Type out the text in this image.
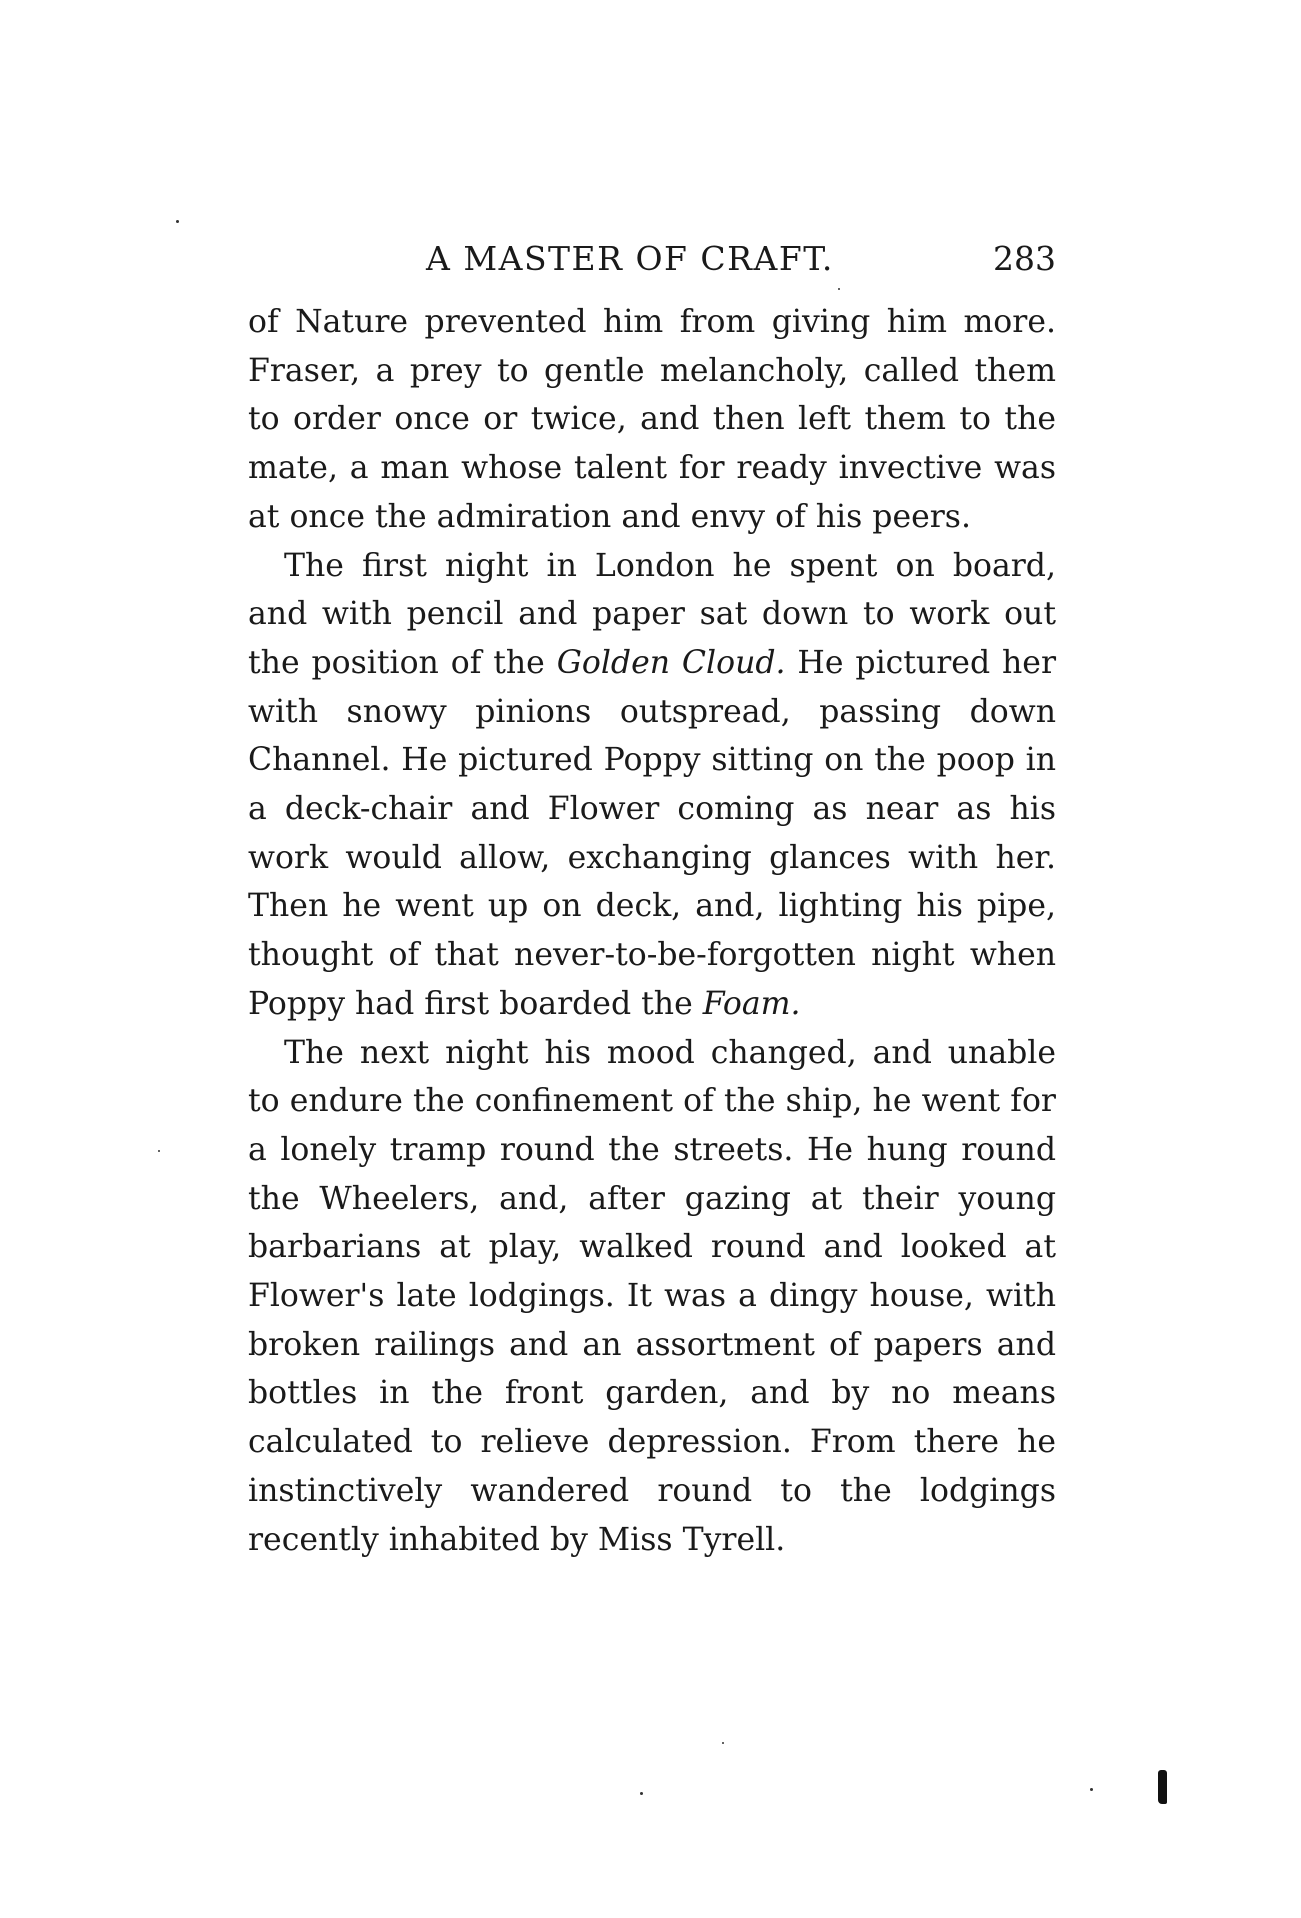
A MASTER OF CRAFT.	283

of Nature prevented him from giving him more. Fraser, a prey to gentle melancholy, called them to order once or twice, and then left them to the mate, a man whose talent for ready invective was at once the admiration and envy of his peers.

The first night in London he spent on board, and with pencil and paper sat down to work out the position of the Golden Cloud. He pictured her with snowy pinions outspread, passing down Channel. He pictured Poppy sitting on the poop in a deck-chair and Flower coming as near as his work would allow, exchanging glances with her. Then he went up on deck, and, lighting his pipe, thought of that never-to-be-forgotten night when Poppy had first boarded the Foam.

The next night his mood changed, and unable to endure the confinement of the ship, he went for a lonely tramp round the streets. He hung round the Wheelers, and, after gazing at their young barbarians at play, walked round and looked at Flower's late lodgings. It was a dingy house, with broken railings and an assortment of papers and bottles in the front garden, and by no means calculated to relieve depression. From there he instinctively wandered round to the lodgings recently inhabited by Miss Tyrell.
